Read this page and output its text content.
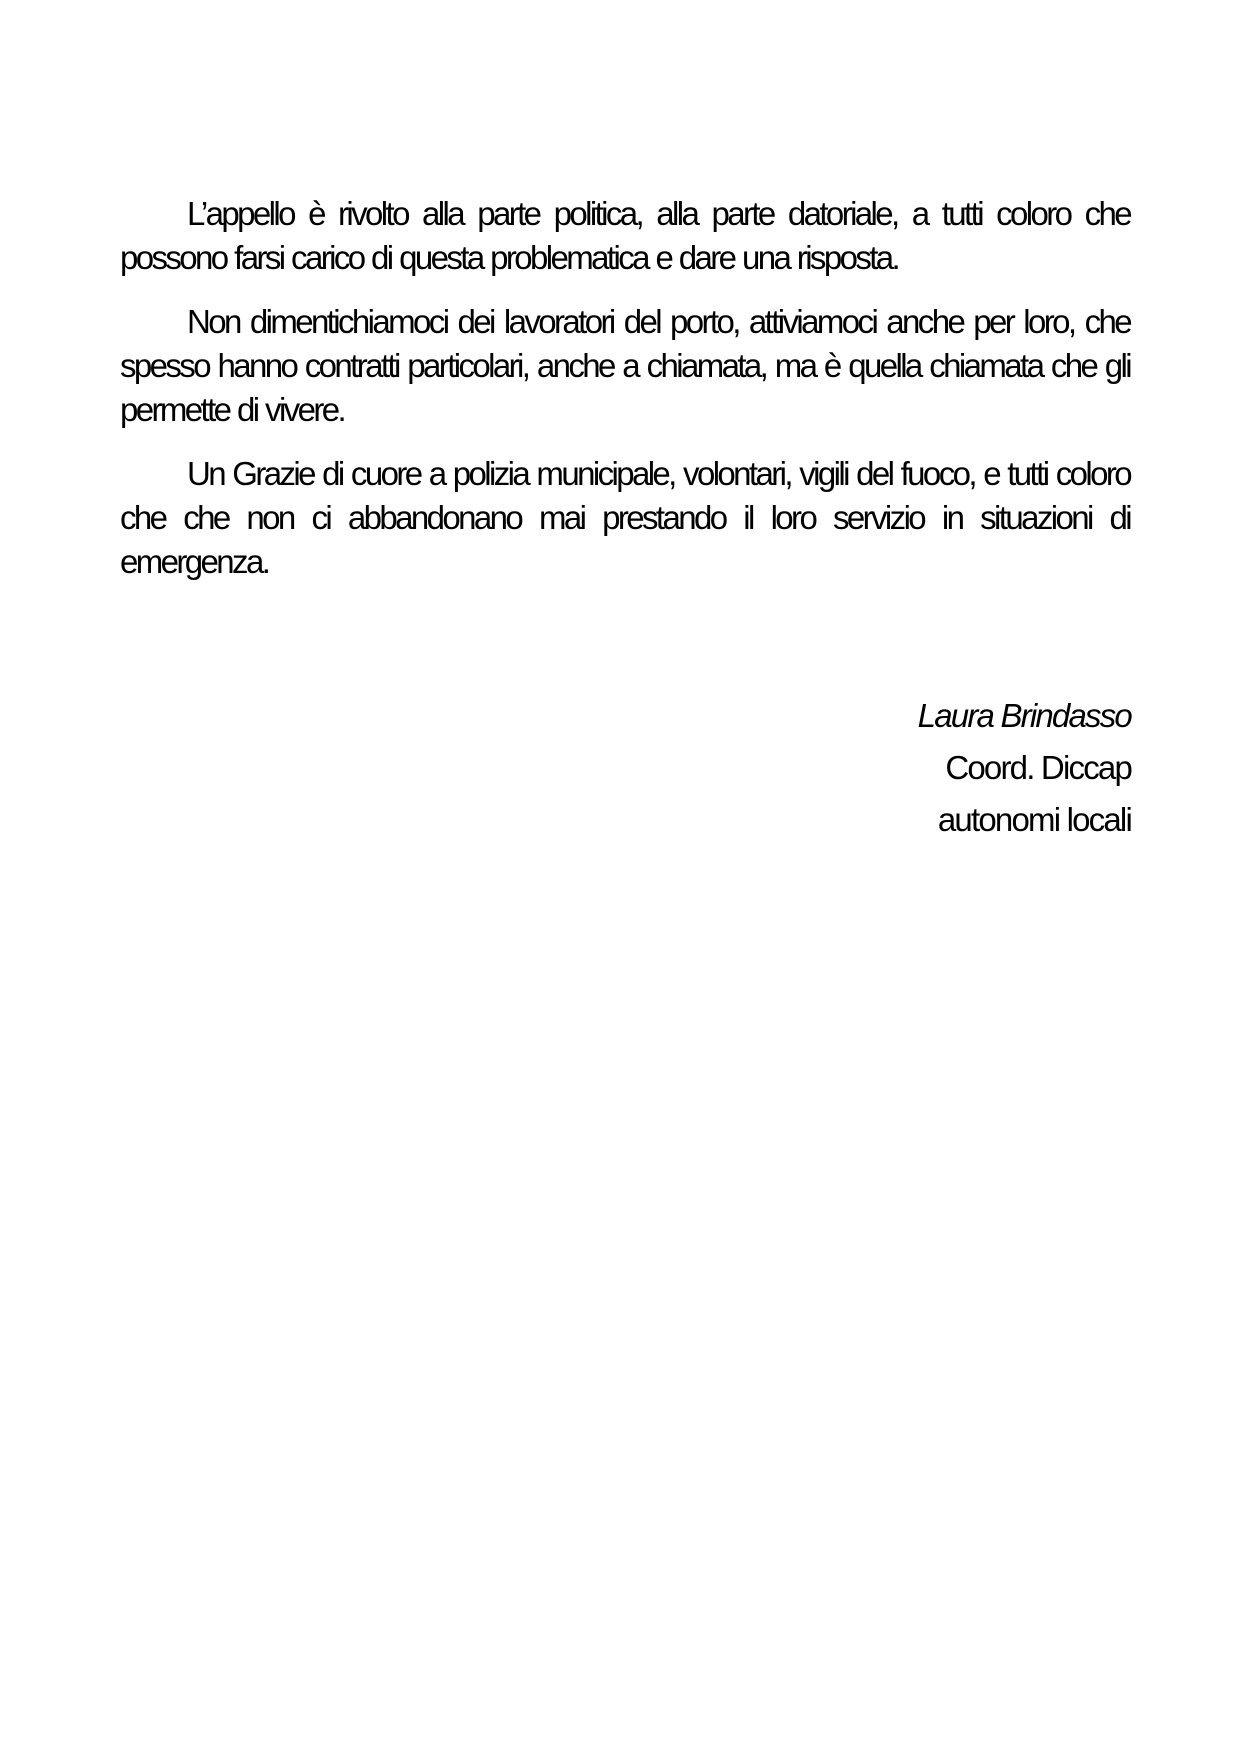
L’appello è rivolto alla parte politica, alla parte datoriale, a tutti coloro che possono farsi carico di questa problematica e dare una risposta.

Non dimentichiamoci dei lavoratori del porto, attiviamoci anche per loro, che spesso hanno contratti particolari, anche a chiamata, ma è quella chiamata che gli permette di vivere.

Un Grazie di cuore a polizia municipale, volontari, vigili del fuoco, e tutti coloro che che non ci abbandonano mai prestando il loro servizio in situazioni di emergenza.

Laura Brindasso
Coord. Diccap
autonomi locali
